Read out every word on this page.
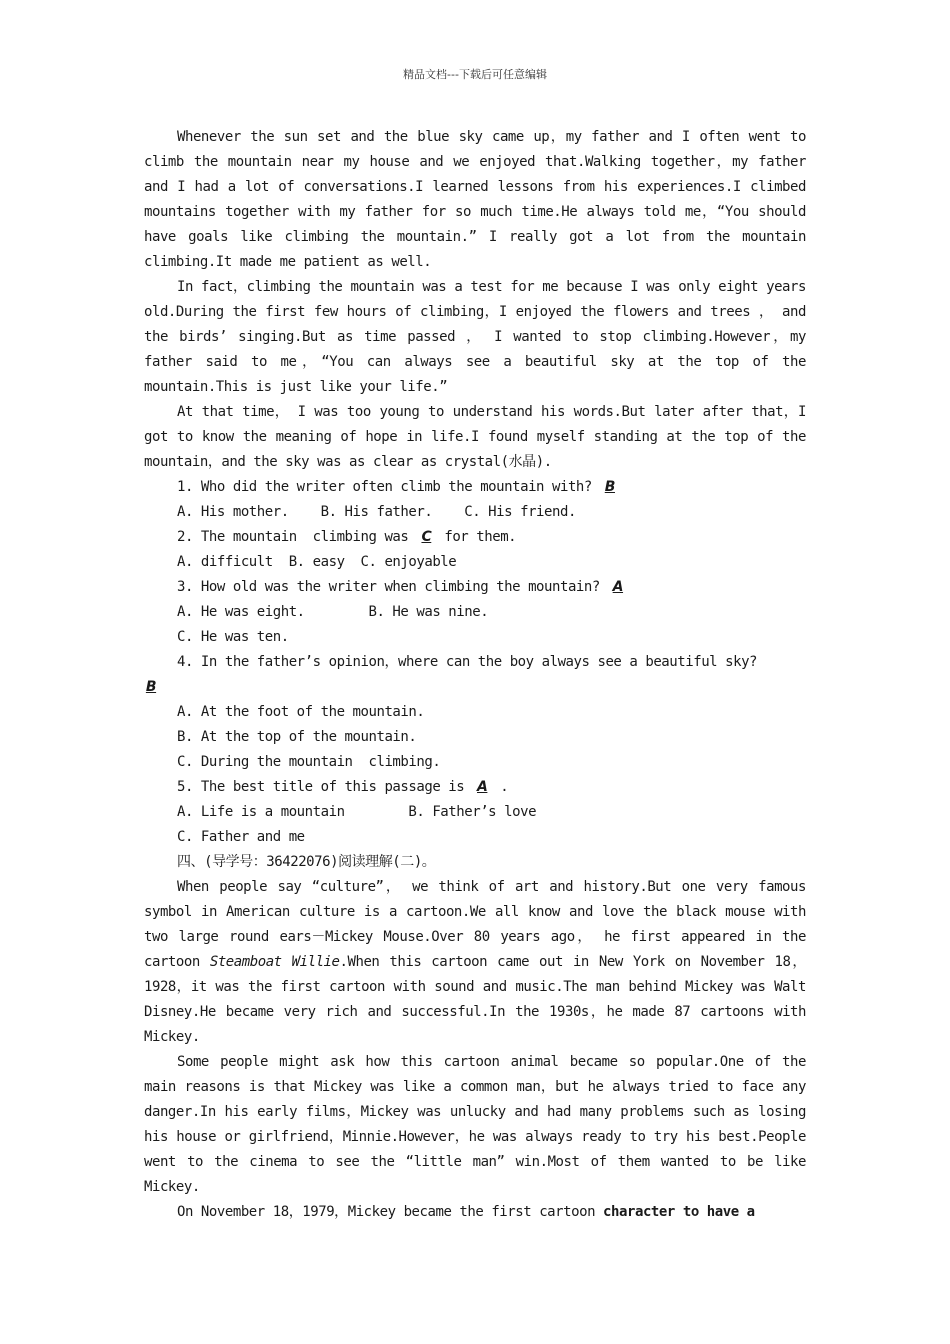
精品文档---下载后可任意编辑

Whenever the sun set and the blue sky came up，my father and I often went to climb the mountain near my house and we enjoyed that.Walking together，my father and I had a lot of conversations.I learned lessons from his experiences.I climbed mountains together with my father for so much time.He always told me，“You should have goals like climbing the mountain.” I really got a lot from the mountain climbing.It made me patient as well.

In fact，climbing the mountain was a test for me because I was only eight years old.During the first few hours of climbing，I enjoyed the flowers and trees ， and the birds’ singing.But as time passed ， I wanted to stop climbing.However，my father said to me，“You can always see a beautiful sky at the top of the mountain.This is just like your life.”

At that time， I was too young to understand his words.But later after that，I got to know the meaning of hope in life.I found myself standing at the top of the mountain，and the sky was as clear as crystal(水晶).

1. Who did the writer often climb the mountain with? B

A. His mother.    B. His father.    C. His friend.

2. The mountain  climbing was C for them.

A. difficult  B. easy  C. enjoyable

3. How old was the writer when climbing the mountain? A

A. He was eight.        B. He was nine.

C. He was ten.

4. In the father’s opinion，where can the boy always see a beautiful sky?

B

A. At the foot of the mountain.

B. At the top of the mountain.

C. During the mountain  climbing.

5. The best title of this passage is A .

A. Life is a mountain        B. Father’s love

C. Father and me

四、(导学号：36422076)阅读理解(二)。

When people say “culture”， we think of art and history.But one very famous symbol in American culture is a cartoon.We all know and love the black mouse with two large round ears－Mickey Mouse.Over 80 years ago， he first appeared in the cartoon Steamboat Willie.When this cartoon came out in New York on November 18，1928，it was the first cartoon with sound and music.The man behind Mickey was Walt Disney.He became very rich and successful.In the 1930s，he made 87 cartoons with Mickey.

Some people might ask how this cartoon animal became so popular.One of the main reasons is that Mickey was like a common man，but he always tried to face any danger.In his early films，Mickey was unlucky and had many problems such as losing his house or girlfriend，Minnie.However，he was always ready to try his best.People went to the cinema to see the “little man” win.Most of them wanted to be like Mickey.

On November 18，1979，Mickey became the first cartoon character to have a
